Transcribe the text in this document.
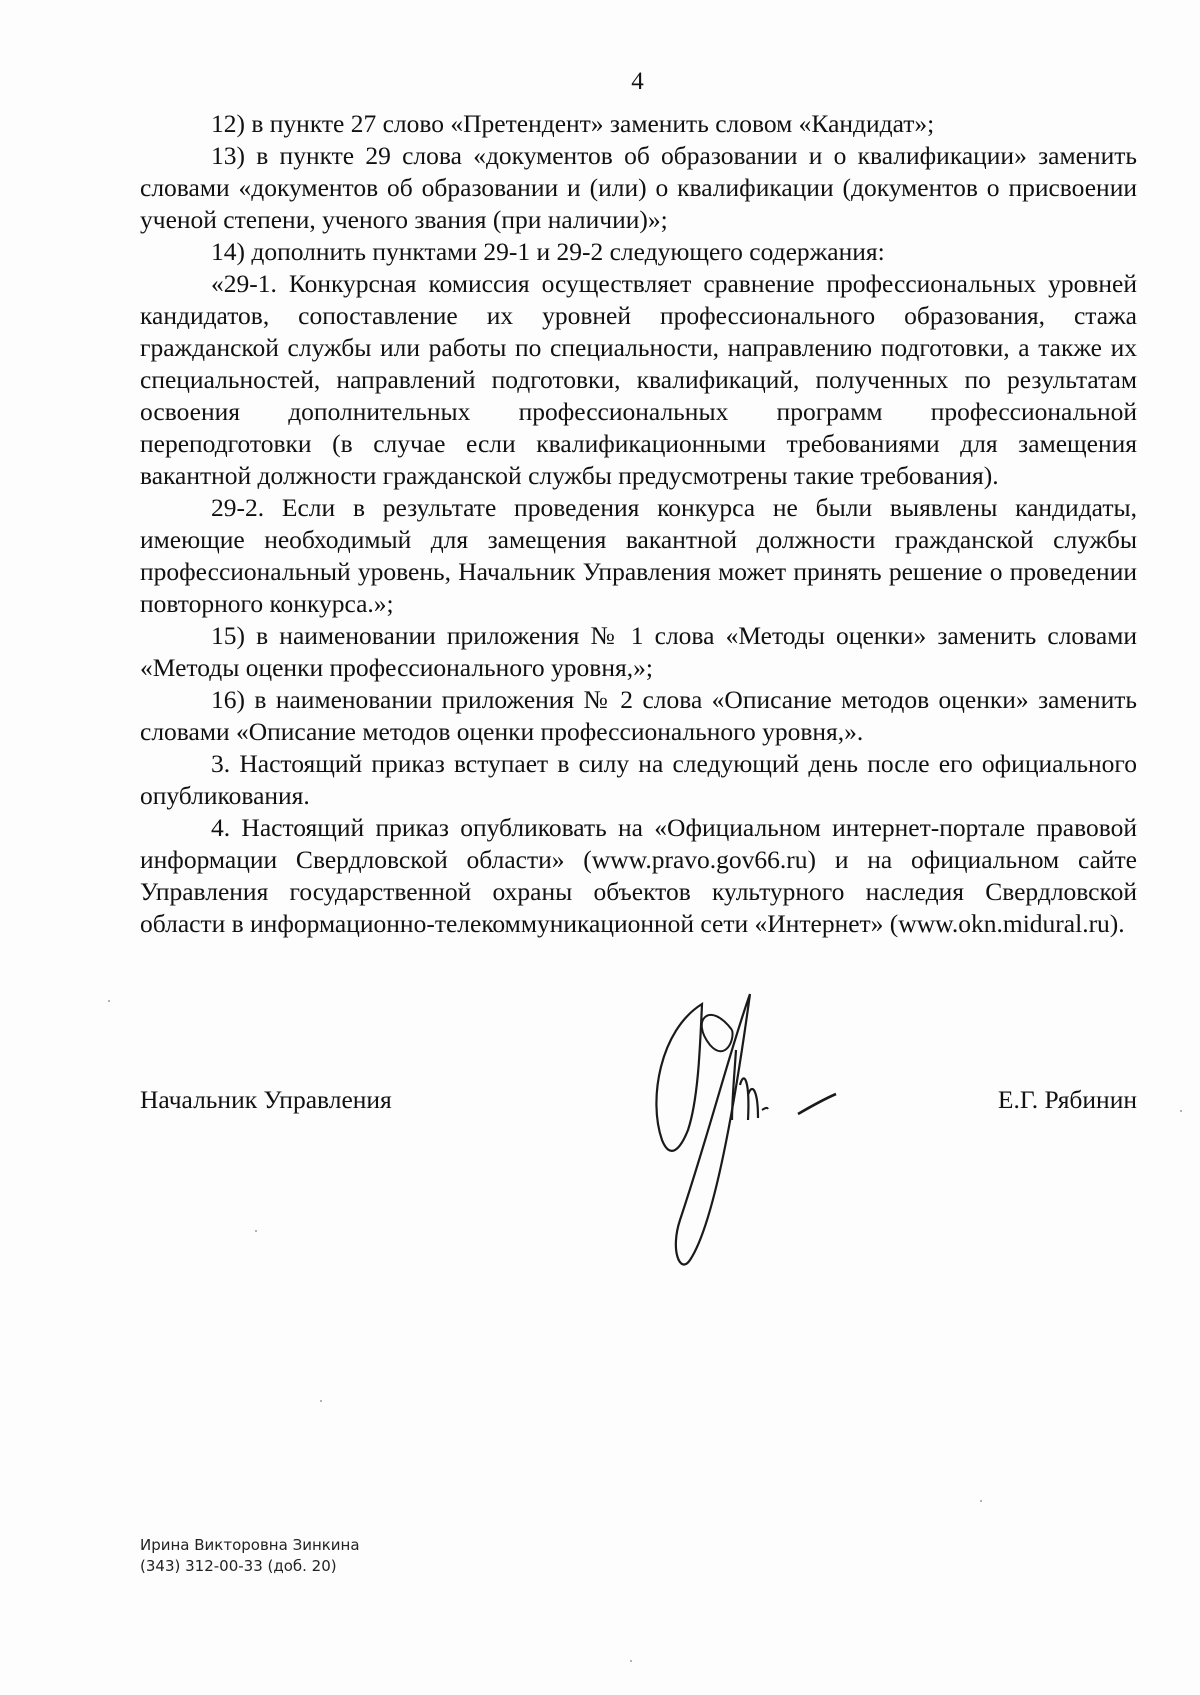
4

12) в пункте 27 слово «Претендент» заменить словом «Кандидат»;

13) в пункте 29 слова «документов об образовании и о квалификации» заменить словами «документов об образовании и (или) о квалификации (документов о присвоении ученой степени, ученого звания (при наличии)»;

14) дополнить пунктами 29-1 и 29-2 следующего содержания:

«29-1. Конкурсная комиссия осуществляет сравнение профессиональных уровней кандидатов, сопоставление их уровней профессионального образования, стажа гражданской службы или работы по специальности, направлению подготовки, а также их специальностей, направлений подготовки, квалификаций, полученных по результатам освоения дополнительных профессиональных программ профессиональной переподготовки (в случае если квалификационными требованиями для замещения вакантной должности гражданской службы предусмотрены такие требования).

29-2. Если в результате проведения конкурса не были выявлены кандидаты, имеющие необходимый для замещения вакантной должности гражданской службы профессиональный уровень, Начальник Управления может принять решение о проведении повторного конкурса.»;

15) в наименовании приложения № 1 слова «Методы оценки» заменить словами «Методы оценки профессионального уровня,»;

16) в наименовании приложения № 2 слова «Описание методов оценки» заменить словами «Описание методов оценки профессионального уровня,».

3. Настоящий приказ вступает в силу на следующий день после его официального опубликования.

4. Настоящий приказ опубликовать на «Официальном интернет-портале правовой информации Свердловской области» (www.pravo.gov66.ru) и на официальном сайте Управления государственной охраны объектов культурного наследия Свердловской области в информационно-телекоммуникационной сети «Интернет» (www.okn.midural.ru).

Начальник Управления	Е.Г. Рябинин
Ирина Викторовна Зинкина
(343) 312-00-33 (доб. 20)
